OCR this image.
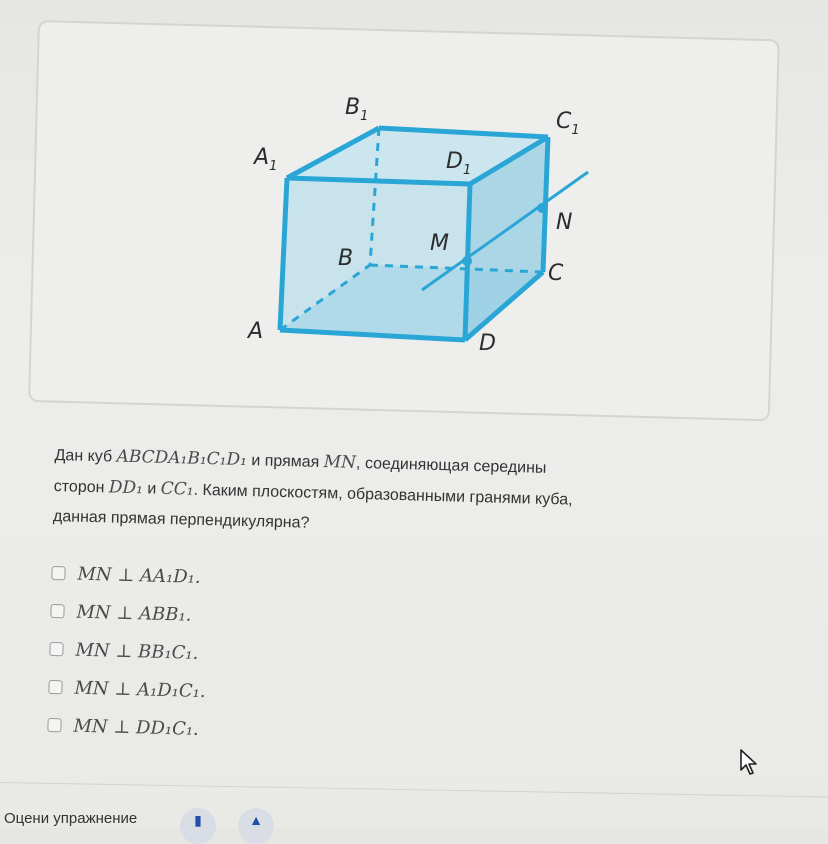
$B_1$	$C_1$
$A_1$	$D_1$
N
M
B
C
A	D
Дан куб ABCDA₁B₁C₁D₁ и прямая MN, соединяющая середины
сторон DD₁ и CC₁. Каким плоскостям, образованными гранями куба,
данная прямая перпендикулярна?
MN ⊥ AA₁D₁.
MN ⊥ ABB₁.
MN ⊥ BB₁C₁.
MN ⊥ A₁D₁C₁.
MN ⊥ DD₁C₁.
Оцени упражнение	▮	▲
